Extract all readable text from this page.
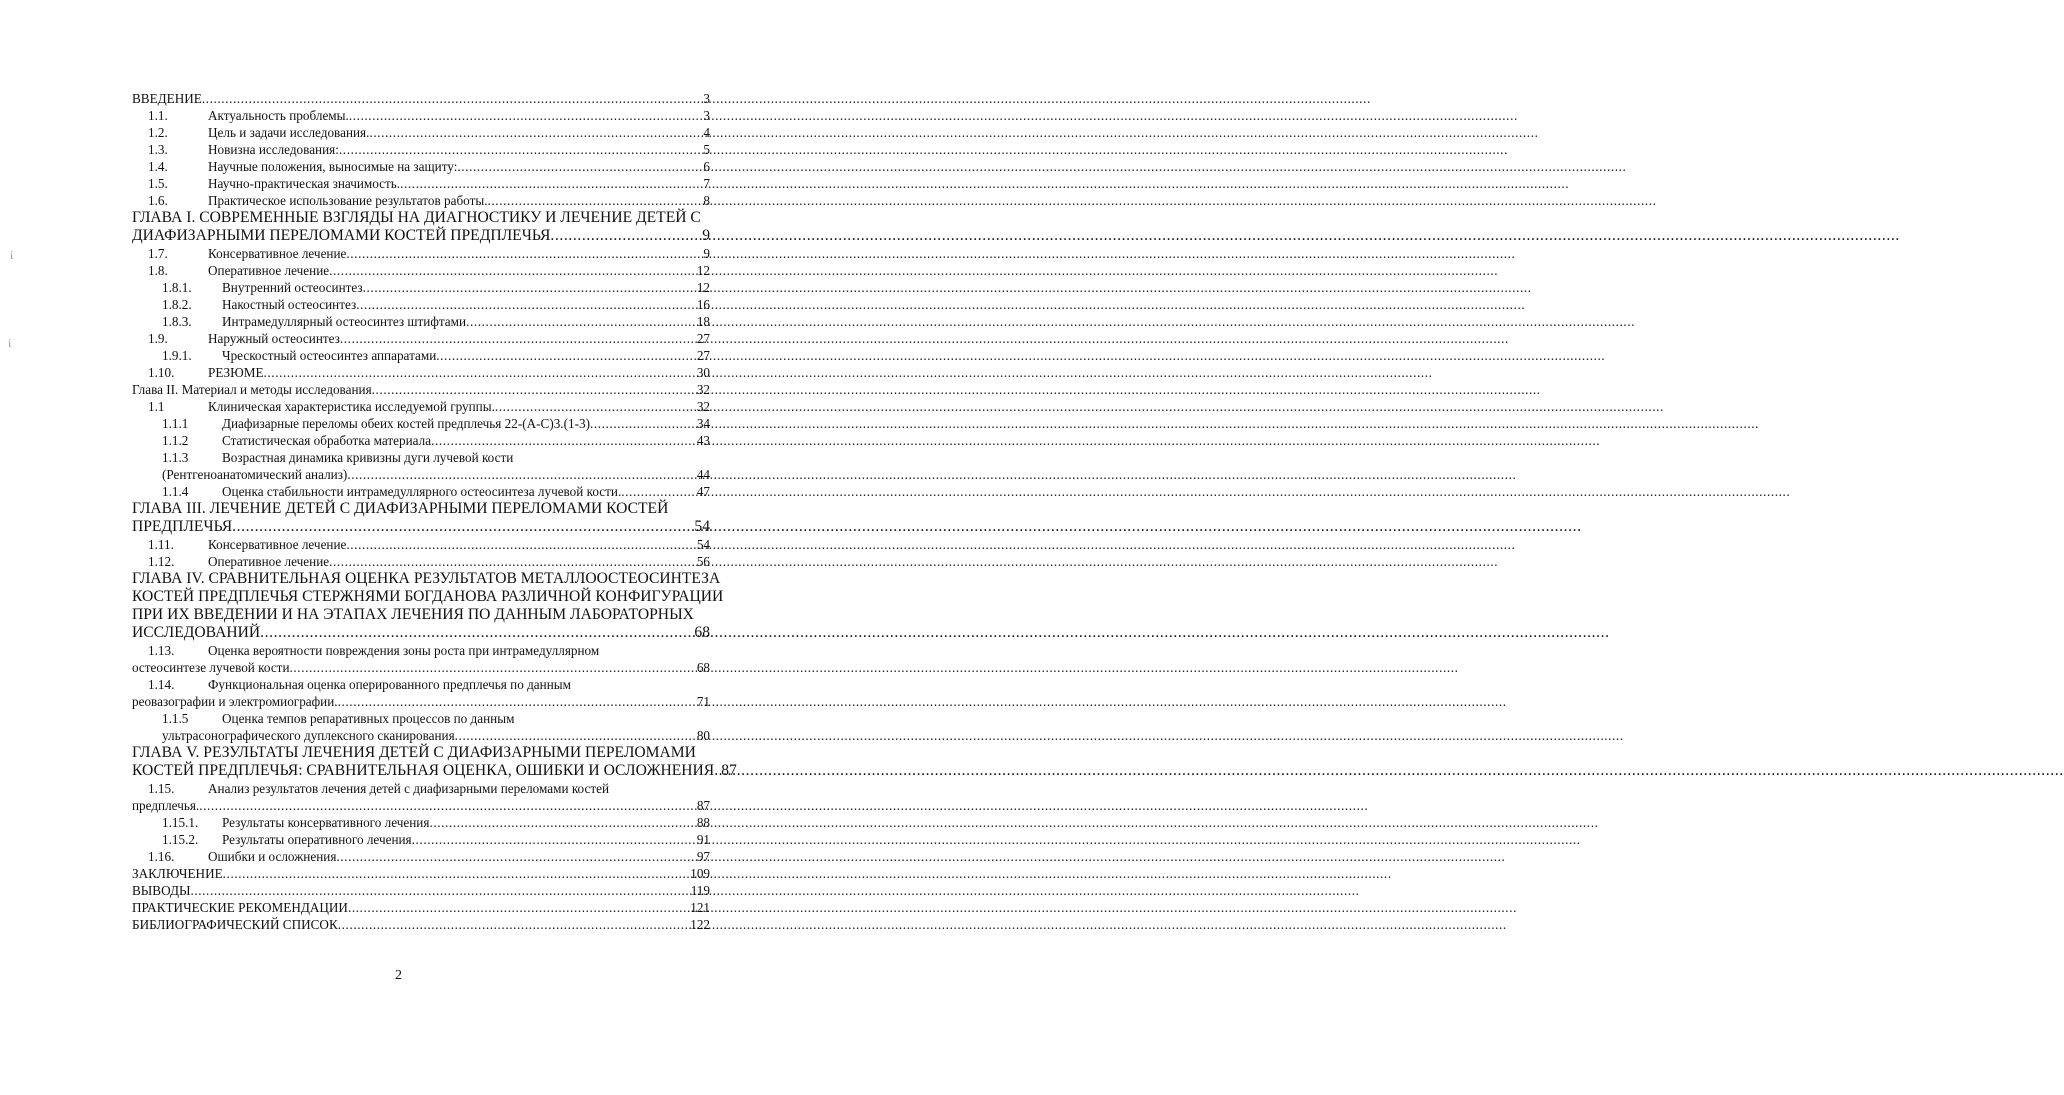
ВВЕДЕНИЕ .....	3
1.1.	Актуальность проблемы. .....	3
1.2.	Цель и задачи исследования. .....	4
1.3.	Новизна исследования: .....	5
1.4.	Научные положения, выносимые на защиту: .....	6
1.5.	Научно-практическая значимость. .....	7
1.6.	Практическое использование результатов работы. .....	8
ГЛАВА I. СОВРЕМЕННЫЕ ВЗГЛЯДЫ НА ДИАГНОСТИКУ И ЛЕЧЕНИЕ ДЕТЕЙ С
ДИАФИЗАРНЫМИ ПЕРЕЛОМАМИ КОСТЕЙ ПРЕДПЛЕЧЬЯ .....	9
1.7.	Консервативное лечение .....	9
1.8.	Оперативное лечение .....	12
1.8.1.	Внутренний остеосинтез .....	12
1.8.2.	Накостный остеосинтез .....	16
1.8.3.	Интрамедуллярный остеосинтез штифтами .....	18
1.9.	Наружный остеосинтез .....	27
1.9.1.	Чрескостный остеосинтез аппаратами .....	27
1.10.	РЕЗЮМЕ .....	30
Глава II. Материал и методы исследования .....	32
1.1	Клиническая характеристика исследуемой группы. .....	32
1.1.1	Диафизарные переломы обеих костей предплечья 22-(А-С)3.(1-3) .....	34
1.1.2	Статистическая обработка материала .....	43
1.1.3	Возрастная динамика кривизны дуги лучевой кости
(Рентгеноанатомический анализ) .....	44
1.1.4	Оценка стабильности интрамедуллярного остеосинтеза лучевой кости. .....	47
ГЛАВА III. ЛЕЧЕНИЕ ДЕТЕЙ С ДИАФИЗАРНЫМИ ПЕРЕЛОМАМИ КОСТЕЙ
ПРЕДПЛЕЧЬЯ .....	54
1.11.	Консервативное лечение .....	54
1.12.	Оперативное лечение .....	56
ГЛАВА IV. СРАВНИТЕЛЬНАЯ ОЦЕНКА РЕЗУЛЬТАТОВ МЕТАЛЛООСТЕОСИНТЕЗА
КОСТЕЙ ПРЕДПЛЕЧЬЯ СТЕРЖНЯМИ БОГДАНОВА РАЗЛИЧНОЙ КОНФИГУРАЦИИ
ПРИ ИХ ВВЕДЕНИИ И НА ЭТАПАХ ЛЕЧЕНИЯ ПО ДАННЫМ ЛАБОРАТОРНЫХ
ИССЛЕДОВАНИЙ .....	68
1.13.	Оценка вероятности повреждения зоны роста при интрамедуллярном
остеосинтезе лучевой кости .....	68
1.14.	Функциональная оценка оперированного предплечья по данным
реовазографии и электромиографии. .....	71
1.1.5	Оценка темпов репаративных процессов по данным
ультрасонографического дуплексного сканирования .....	80
ГЛАВА V. РЕЗУЛЬТАТЫ ЛЕЧЕНИЯ ДЕТЕЙ С ДИАФИЗАРНЫМИ ПЕРЕЛОМАМИ
КОСТЕЙ ПРЕДПЛЕЧЬЯ: СРАВНИТЕЛЬНАЯ ОЦЕНКА, ОШИБКИ И ОСЛОЖНЕНИЯ ..... 87
1.15.	Анализ результатов лечения детей с диафизарными переломами костей
предплечья. .....	87
1.15.1.	Результаты консервативного лечения .....	88
1.15.2.	Результаты оперативного лечения .....	91
1.16.	Ошибки и осложнения .....	97
ЗАКЛЮЧЕНИЕ .....	109
ВЫВОДЫ .....	119
ПРАКТИЧЕСКИЕ РЕКОМЕНДАЦИИ .....	121
БИБЛИОГРАФИЧЕСКИЙ СПИСОК .....	122
2
ί
ί
